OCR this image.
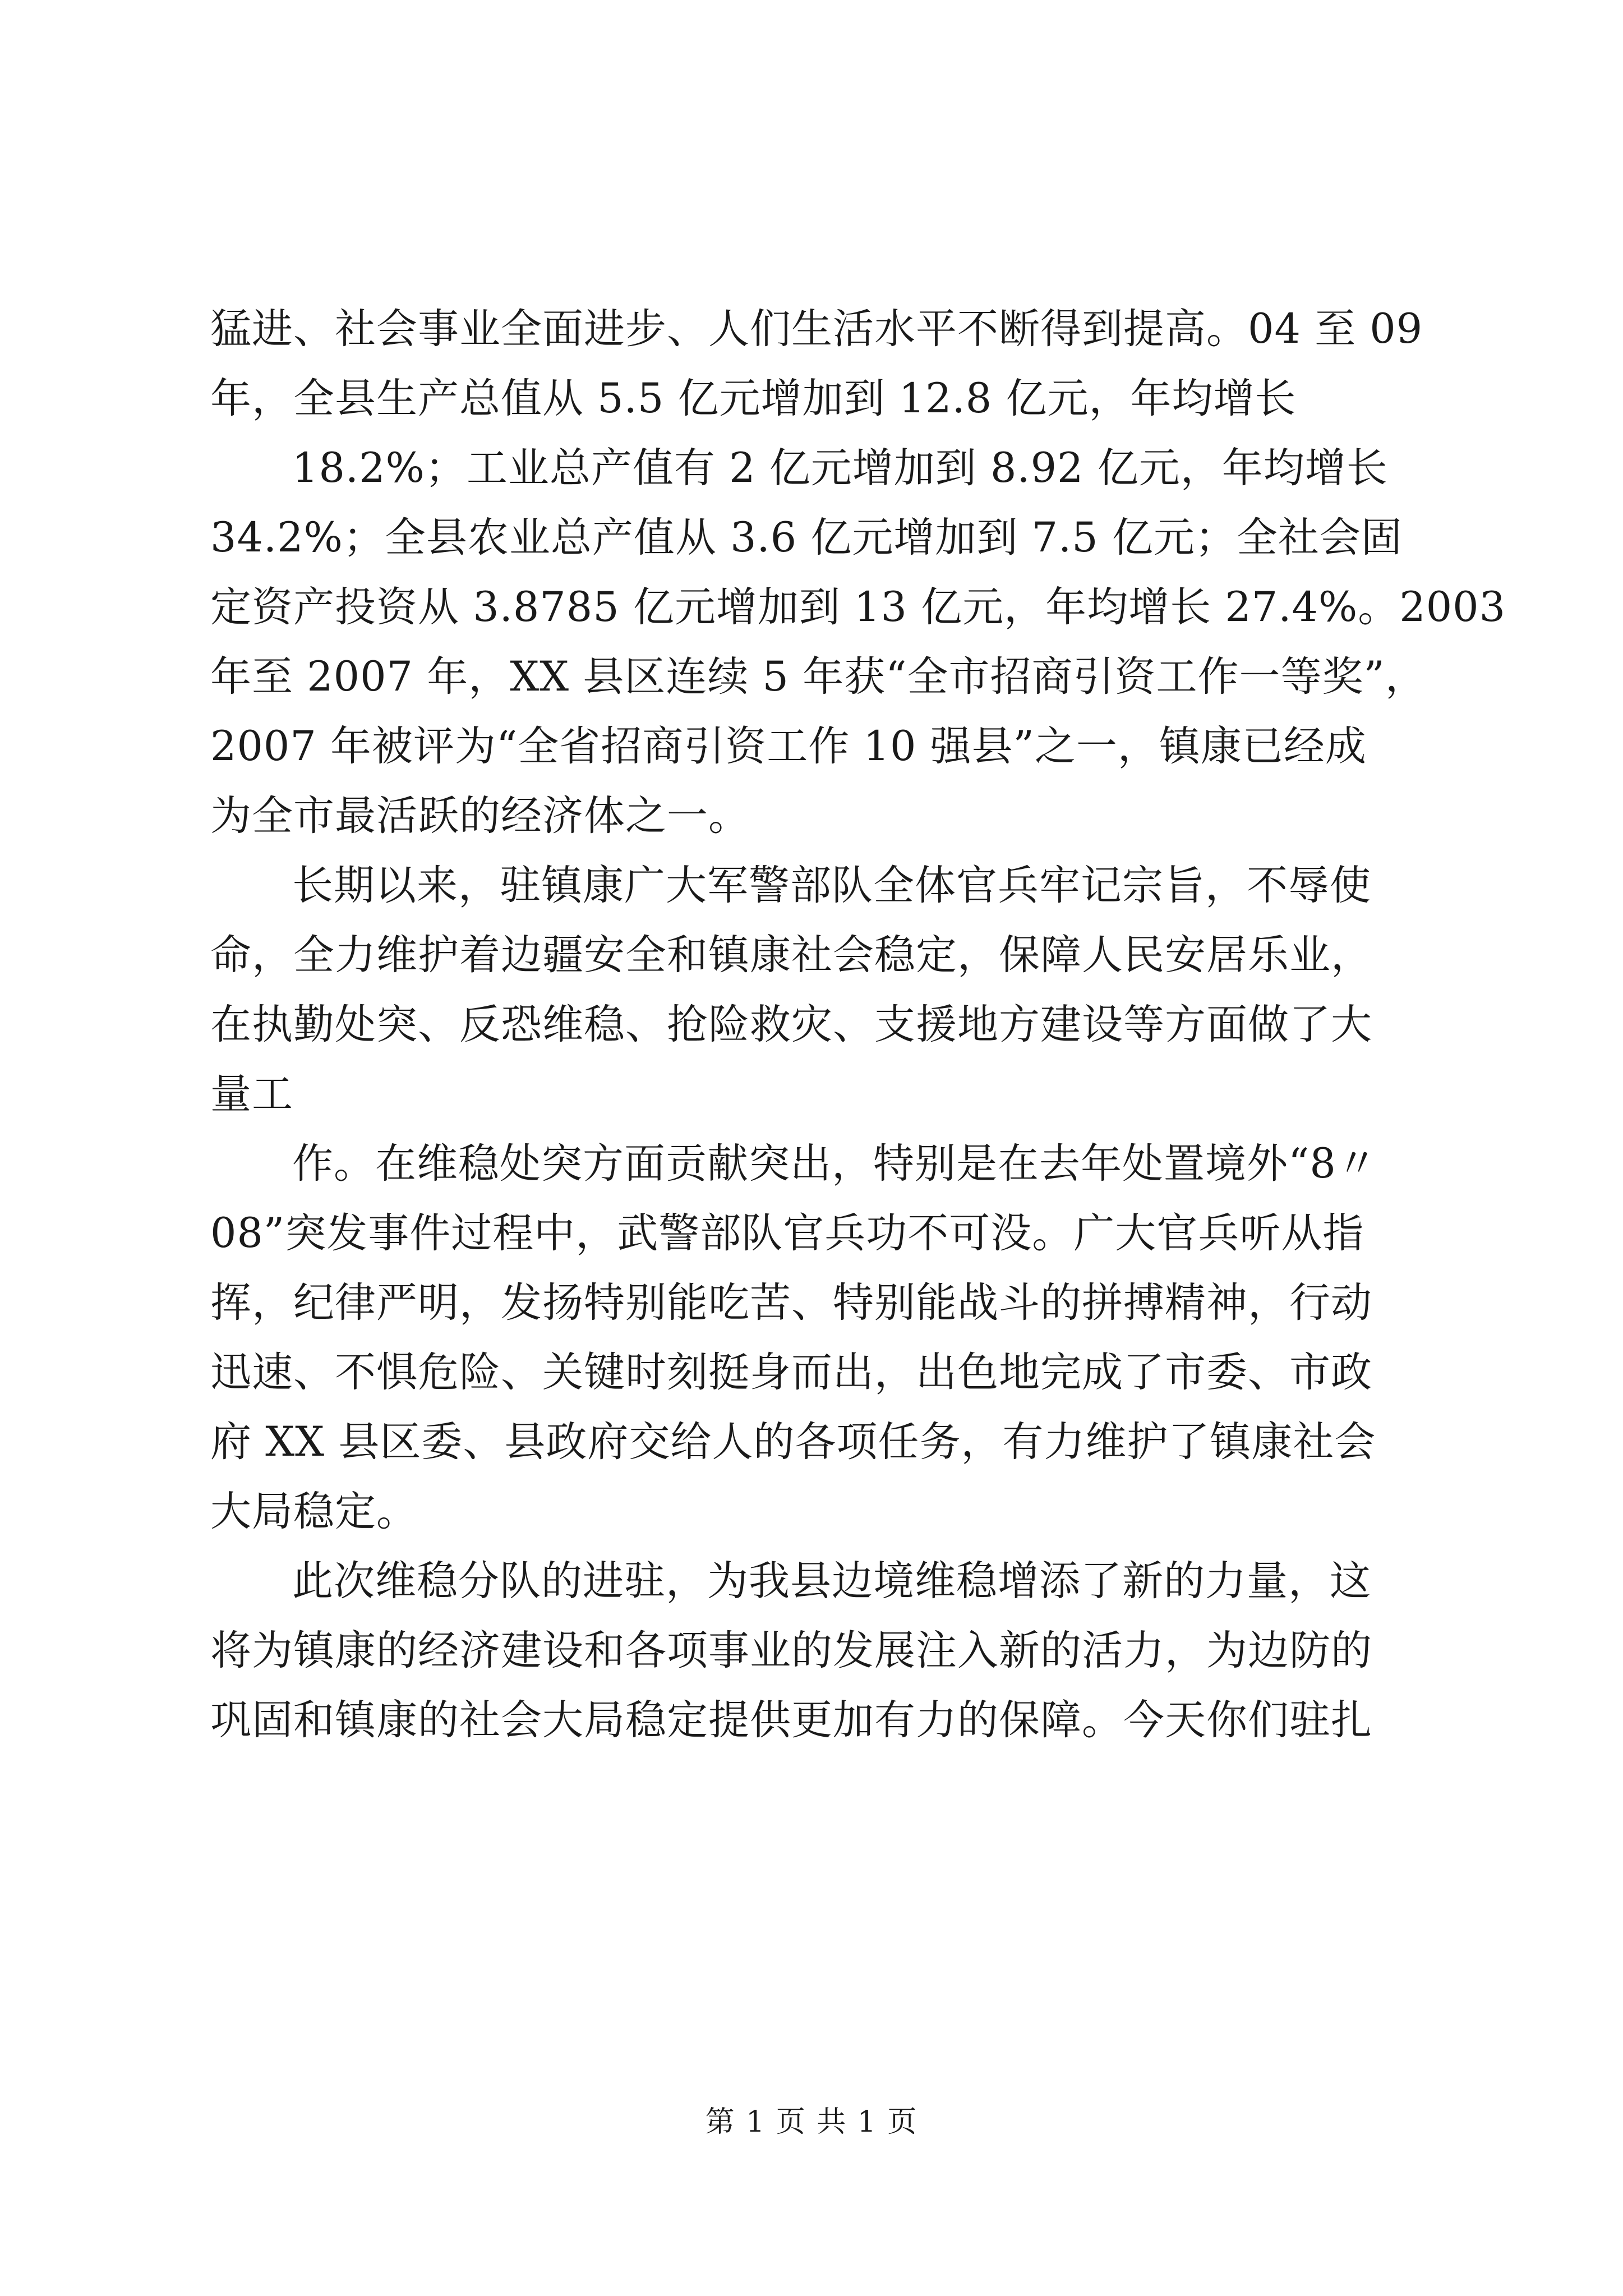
猛进、社会事业全面进步、人们生活水平不断得到提高。04 至 09
年，全县生产总值从 5.5 亿元增加到 12.8 亿元，年均增长
18.2%；工业总产值有 2 亿元增加到 8.92 亿元，年均增长
34.2%；全县农业总产值从 3.6 亿元增加到 7.5 亿元；全社会固
定资产投资从 3.8785 亿元增加到 13 亿元，年均增长 27.4%。2003
年至 2007 年，XX 县区连续 5 年获“全市招商引资工作一等奖”，
2007 年被评为“全省招商引资工作 10 强县”之一，镇康已经成
为全市最活跃的经济体之一。
长期以来，驻镇康广大军警部队全体官兵牢记宗旨，不辱使
命，全力维护着边疆安全和镇康社会稳定，保障人民安居乐业，
在执勤处突、反恐维稳、抢险救灾、支援地方建设等方面做了大
量工
作。在维稳处突方面贡献突出，特别是在去年处置境外“8〃
08”突发事件过程中，武警部队官兵功不可没。广大官兵听从指
挥，纪律严明，发扬特别能吃苦、特别能战斗的拼搏精神，行动
迅速、不惧危险、关键时刻挺身而出，出色地完成了市委、市政
府 XX 县区委、县政府交给人的各项任务，有力维护了镇康社会
大局稳定。
此次维稳分队的进驻，为我县边境维稳增添了新的力量，这
将为镇康的经济建设和各项事业的发展注入新的活力，为边防的
巩固和镇康的社会大局稳定提供更加有力的保障。今天你们驻扎
第 1 页 共 1 页
